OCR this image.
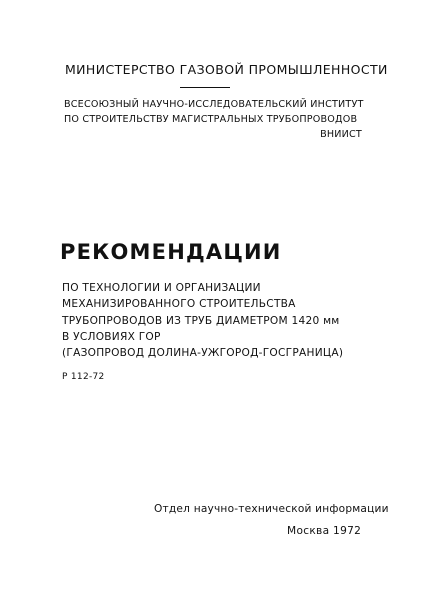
МИНИСТЕРСТВО ГАЗОВОЙ ПРОМЫШЛЕННОСТИ
ВСЕСОЮЗНЫЙ НАУЧНО-ИССЛЕДОВАТЕЛЬСКИЙ ИНСТИТУТ
ПО СТРОИТЕЛЬСТВУ МАГИСТРАЛЬНЫХ ТРУБОПРОВОДОВ
ВНИИСТ
РЕКОМЕНДАЦИИ
ПО ТЕХНОЛОГИИ И ОРГАНИЗАЦИИ
МЕХАНИЗИРОВАННОГО СТРОИТЕЛЬСТВА
ТРУБОПРОВОДОВ ИЗ ТРУБ ДИАМЕТРОМ 1420 мм
В УСЛОВИЯХ ГОР
(ГАЗОПРОВОД ДОЛИНА-УЖГОРОД-ГОСГРАНИЦА)
Р 112-72
Отдел научно-технической информации
Москва 1972
